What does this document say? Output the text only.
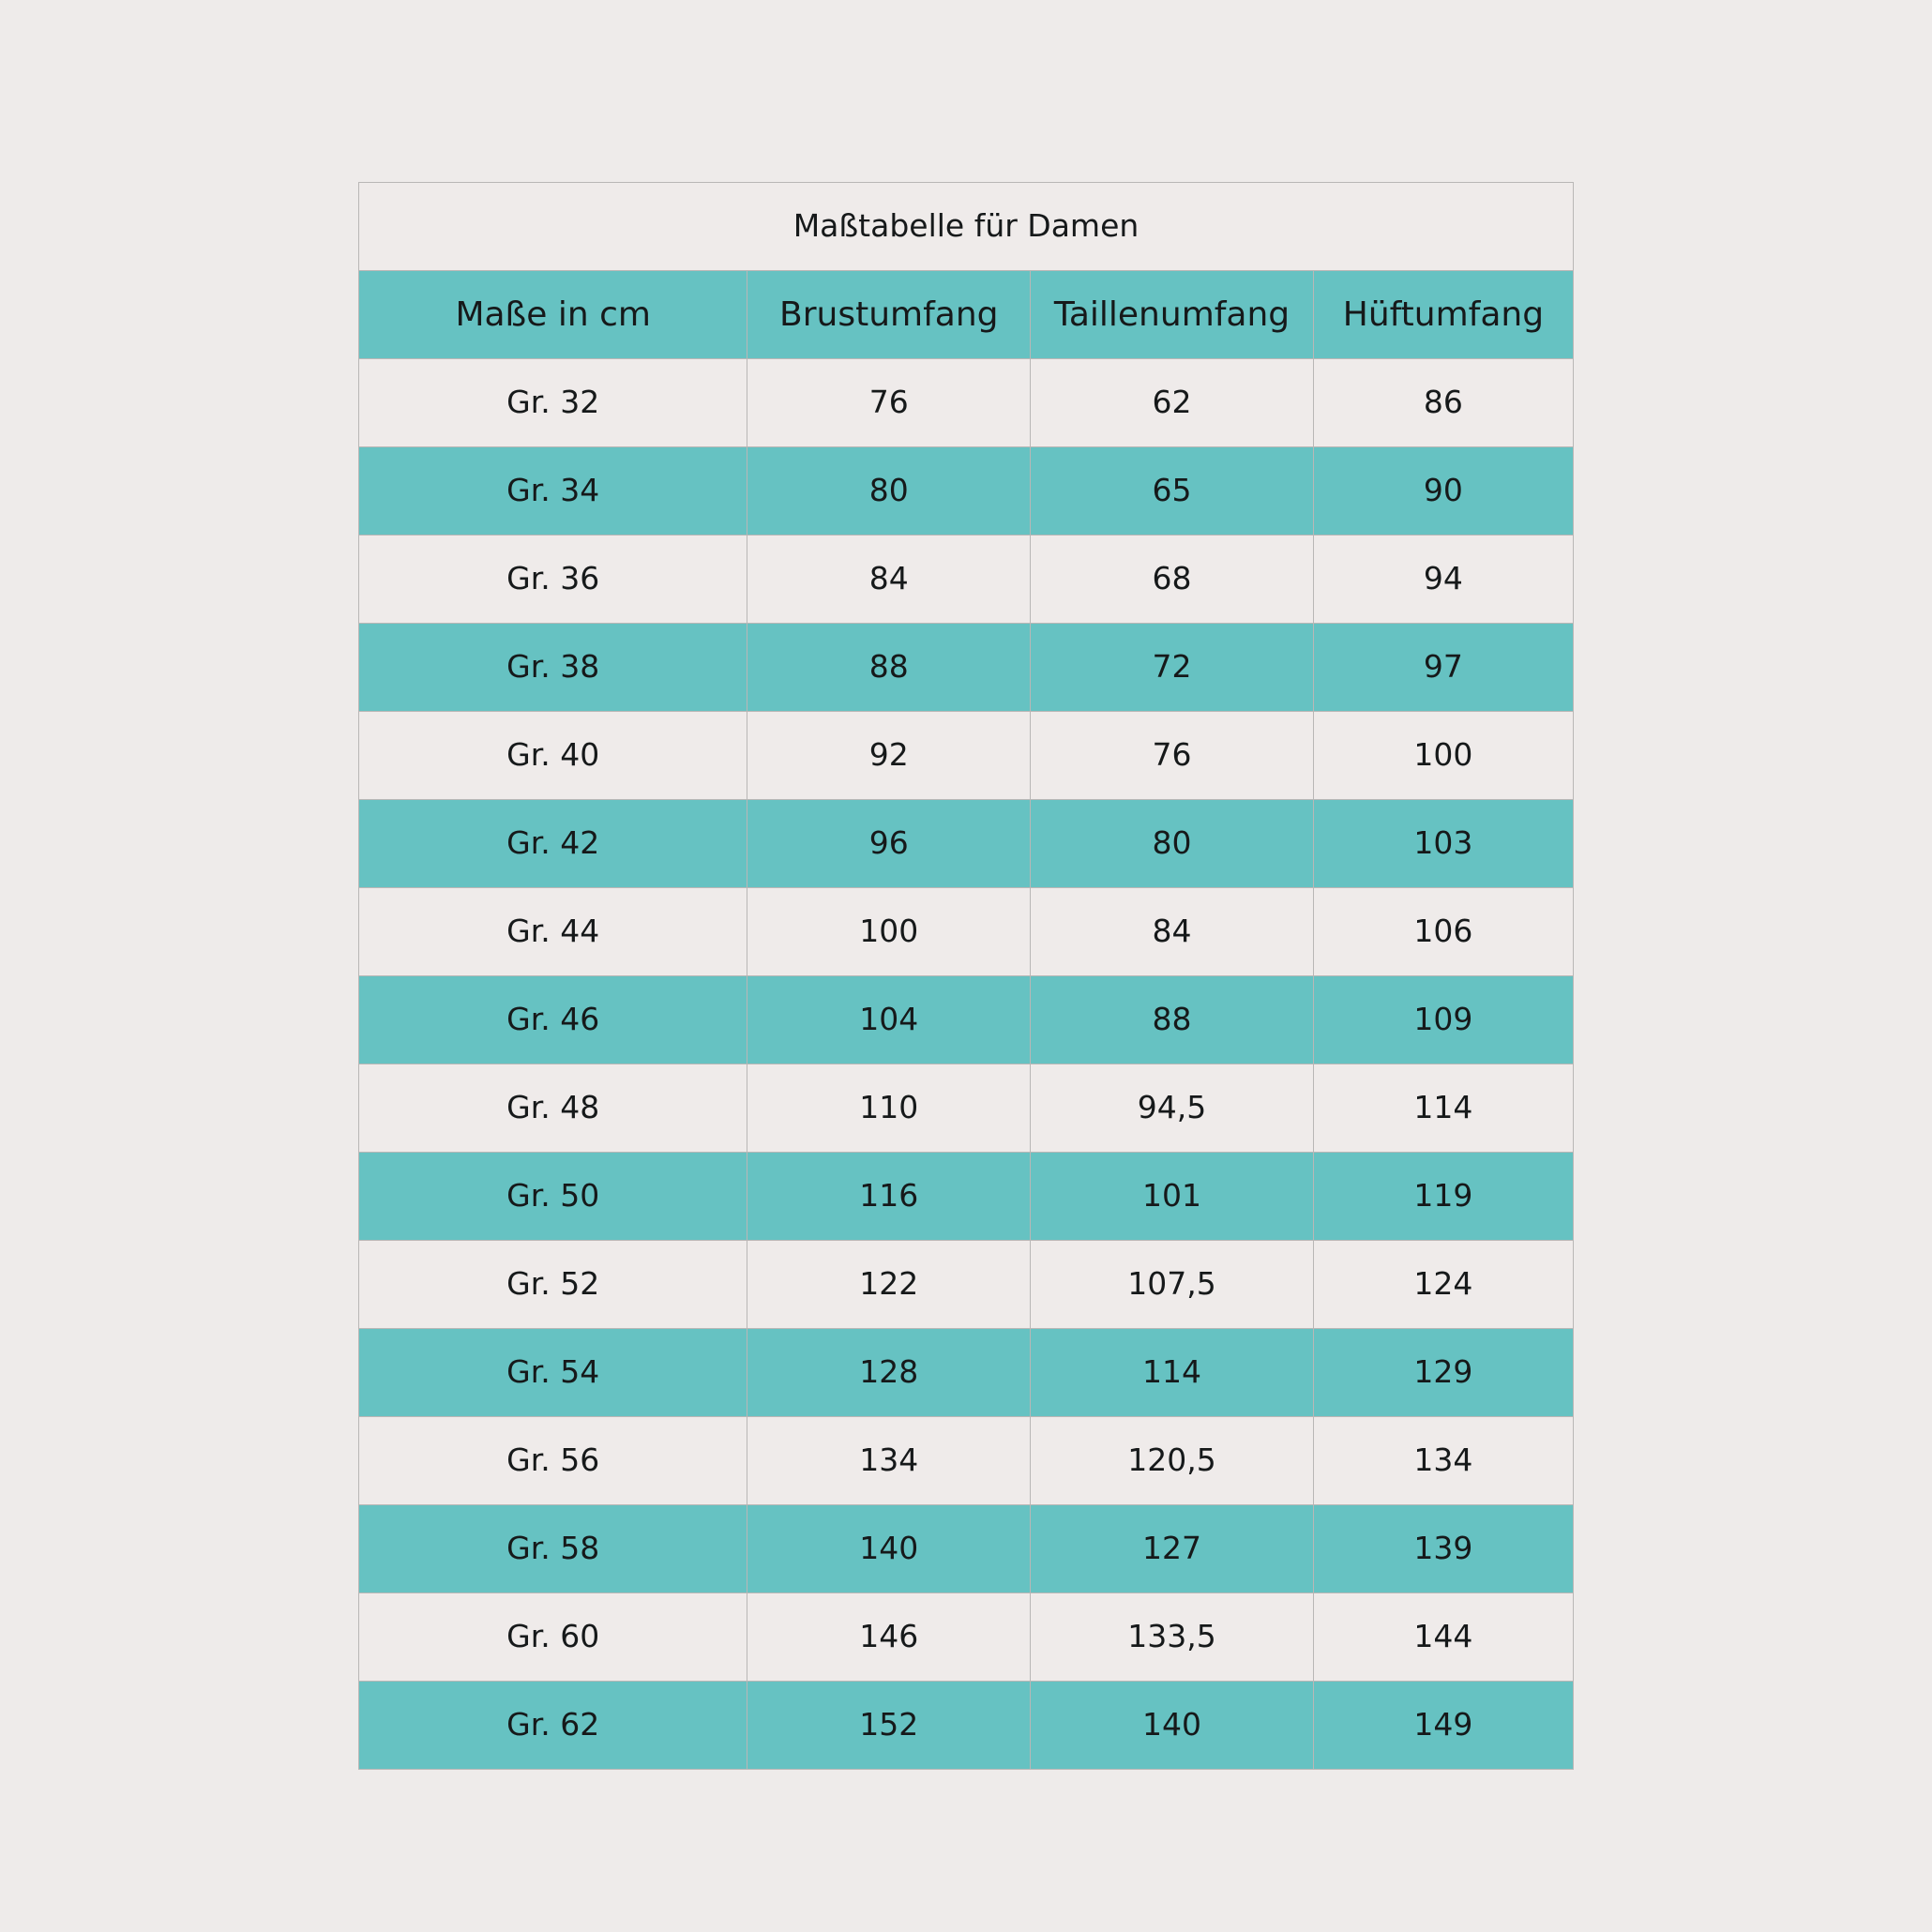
Maßtabelle für Damen			
Maße in cm	Brustumfang	Taillenumfang	Hüftumfang
Gr. 32	76	62	86
Gr. 34	80	65	90
Gr. 36	84	68	94
Gr. 38	88	72	97
Gr. 40	92	76	100
Gr. 42	96	80	103
Gr. 44	100	84	106
Gr. 46	104	88	109
Gr. 48	110	94,5	114
Gr. 50	116	101	119
Gr. 52	122	107,5	124
Gr. 54	128	114	129
Gr. 56	134	120,5	134
Gr. 58	140	127	139
Gr. 60	146	133,5	144
Gr. 62	152	140	149
